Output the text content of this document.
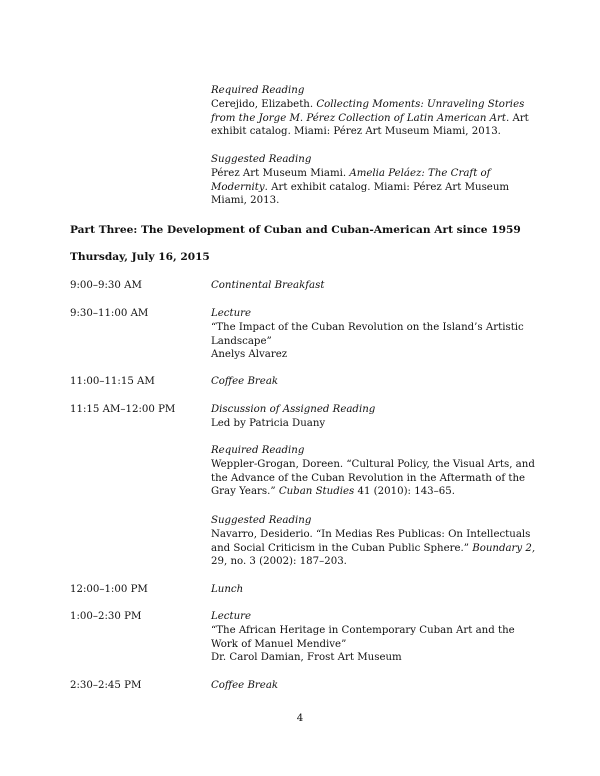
Required Reading

Cerejido, Elizabeth. Collecting Moments: Unraveling Stories from the Jorge M. Pérez Collection of Latin American Art. Art exhibit catalog. Miami: Pérez Art Museum Miami, 2013.

Suggested Reading

Pérez Art Museum Miami. Amelia Peláez: The Craft of Modernity. Art exhibit catalog. Miami: Pérez Art Museum Miami, 2013.

Part Three: The Development of Cuban and Cuban-American Art since 1959
Thursday, July 16, 2015
9:00–9:30 AM	Continental Breakfast
9:30–11:00 AM	Lecture

“The Impact of the Cuban Revolution on the Island’s Artistic Landscape”

Anelys Alvarez

11:00–11:15 AM	Coffee Break
11:15 AM–12:00 PM	Discussion of Assigned Reading

Led by Patricia Duany

Required Reading

Weppler-Grogan, Doreen. “Cultural Policy, the Visual Arts, and the Advance of the Cuban Revolution in the Aftermath of the Gray Years.” Cuban Studies 41 (2010): 143–65.

Suggested Reading

Navarro, Desiderio. “In Medias Res Publicas: On Intellectuals and Social Criticism in the Cuban Public Sphere.” Boundary 2, 29, no. 3 (2002): 187–203.

12:00–1:00 PM	Lunch
1:00–2:30 PM	Lecture

“The African Heritage in Contemporary Cuban Art and the Work of Manuel Mendive”

Dr. Carol Damian, Frost Art Museum

2:30–2:45 PM	Coffee Break
4
